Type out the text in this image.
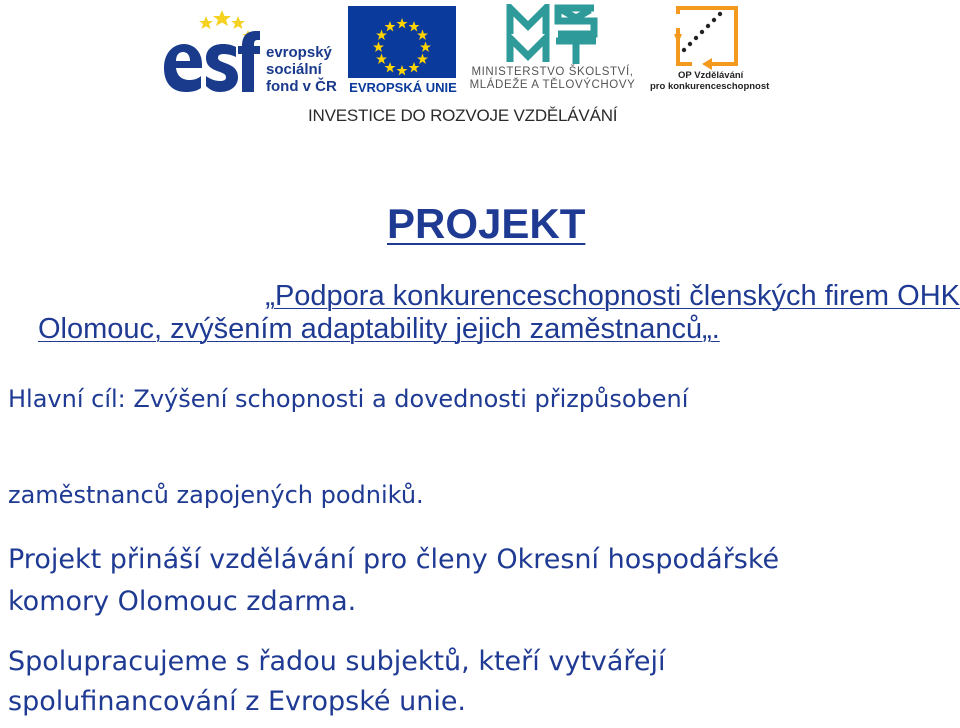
evropský
sociální
fond v ČR EVROPSKÁ UNIE
MINISTERSTVO ŠKOLSTVÍ,
MLÁDEŽE A TĚLOVÝCHOVY
OP Vzdělávání
pro konkurenceschopnost
INVESTICE DO ROZVOJE VZDĚLÁVÁNÍ
PROJEKT
„Podpora konkurenceschopnosti členských firem OHK
Olomouc, zvýšením adaptability jejich zaměstnanců„.
Hlavní cíl: Zvýšení schopnosti a dovednosti přizpůsobení
zaměstnanců zapojených podniků.
Projekt přináší vzdělávání pro členy Okresní hospodářské
komory Olomouc zdarma.
Spolupracujeme s řadou subjektů, kteří vytvářejí
spolufinancování z Evropské unie.
